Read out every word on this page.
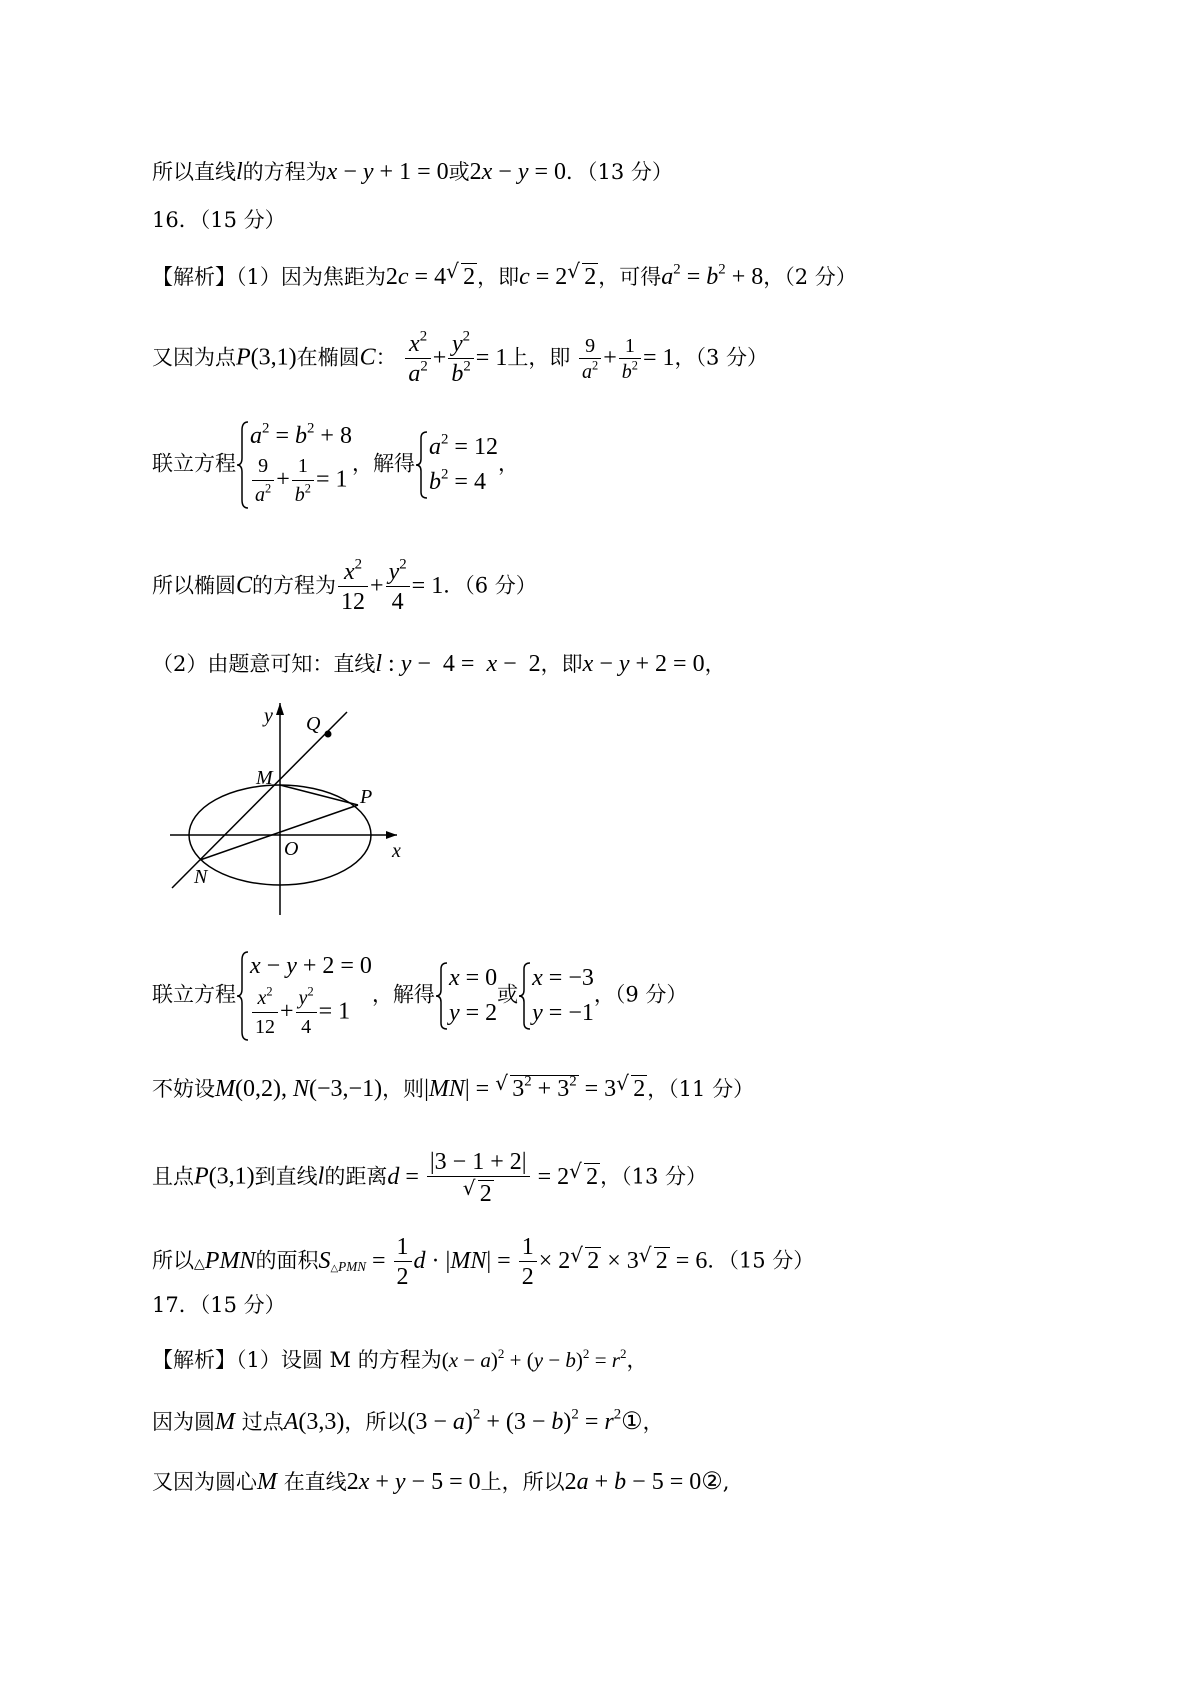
所以直线l的方程为x − y + 1 = 0或2x − y = 0．（13 分）
16．（15 分）
【解析】（1）因为焦距为2c = 4√ 2，即c = 2√ 2，可得$a^2 = b^2 + 8$，（2 分）
又因为点P(3,1)在椭圆C： $\frac{x^2}{a^2} + \frac{y^2}{b^2} = 1$上，即 $\frac{9}{a^2} + \frac{1}{b^2} = 1$，（3 分）
联立方程
$a^2 = b^2 + 8$
$\frac{9}{a^2} + \frac{1}{b^2} = 1$
，解得
$a^2 = 12$
$b^2 = 4$
，
所以椭圆C的方程为 $\frac{x^2}{12} + \frac{y^2}{4} = 1$．（6 分）
（2）由题意可知：直线l : y −  4 =  x −  2，即x − y + 2 = 0，
y
x
O
M
P
Q
N
联立方程
x − y + 2 = 0
$\frac{x^2}{12} + \frac{y^2}{4} = 1$
，解得
x = 0
y = 2
或
x = −3
y = −1
，（9 分）
不妨设M(0,2), N(−3,−1)，则|MN| = √ $3^2 + 3^2 = 3√$ 2，（11 分）
且点P(3,1)到直线l的距离d = |3 − 1 + 2|
√ 2 = 2√ 2，（13 分）
所以△PMN的面积$S_{\triangle PMN} = \frac{1}{2}$ $d \cdot |MN| = \frac{1}{2} \times 2√$ 2 × 3√ 2 = 6．（15 分）
17．（15 分）
【解析】（1）设圆 M 的方程为$(x - a)^2 + (y - b)^2 = r^2$，
因为圆M 过点A(3,3)，所以$(3 - a)^2 + (3 - b)^2$ = $r^2①$，
又因为圆心M 在直线2x + y − 5 = 0上，所以2a + b − 5 = 0②,
